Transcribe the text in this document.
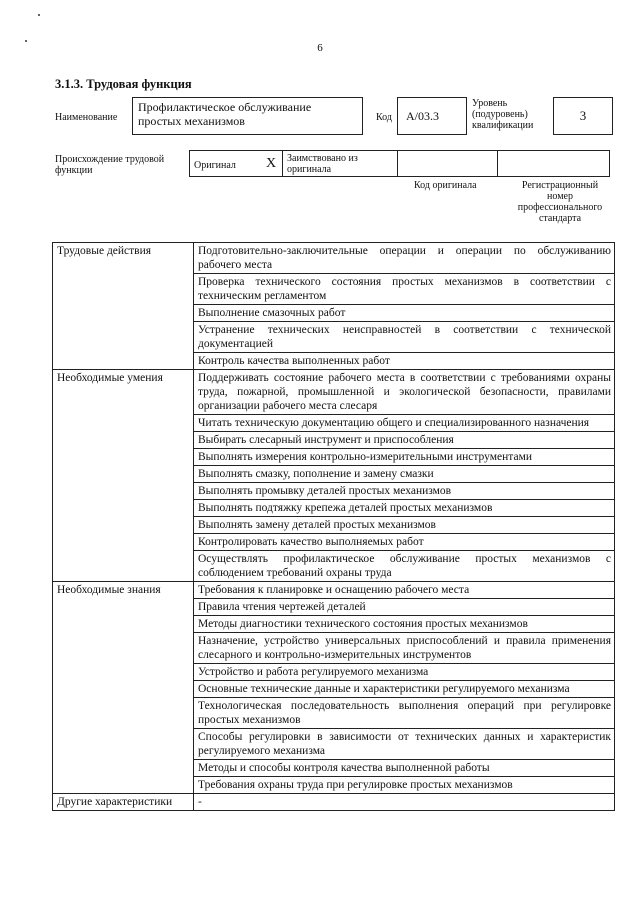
6
3.1.3. Трудовая функция
Наименование
Профилактическое обслуживание простых механизмов	Код	А/03.3
Уровень (подуровень) квалификации
3
Происхождение трудовой функции	Оригинал	X	Заимствовано из оригинала

Код оригинала	Регистрационный номер профессионального стандарта
Трудовые действия	Подготовительно-заключительные операции и операции по обслуживанию рабочего места
	Проверка технического состояния простых механизмов в соответствии с техническим регламентом
	Выполнение смазочных работ
	Устранение технических неисправностей в соответствии с технической документацией
	Контроль качества выполненных работ
Необходимые умения	Поддерживать состояние рабочего места в соответствии с требованиями охраны труда, пожарной, промышленной и экологической безопасности, правилами организации рабочего места слесаря
	Читать техническую документацию общего и специализированного назначения
	Выбирать слесарный инструмент и приспособления
	Выполнять измерения контрольно-измерительными инструментами
	Выполнять смазку, пополнение и замену смазки
	Выполнять промывку деталей простых механизмов
	Выполнять подтяжку крепежа деталей простых механизмов
	Выполнять замену деталей простых механизмов
	Контролировать качество выполняемых работ
	Осуществлять профилактическое обслуживание простых механизмов с соблюдением требований охраны труда
Необходимые знания	Требования к планировке и оснащению рабочего места
	Правила чтения чертежей деталей
	Методы диагностики технического состояния простых механизмов
	Назначение, устройство универсальных приспособлений и правила применения слесарного и контрольно-измерительных инструментов
	Устройство и работа регулируемого механизма
	Основные технические данные и характеристики регулируемого механизма
	Технологическая последовательность выполнения операций при регулировке простых механизмов
	Способы регулировки в зависимости от технических данных и характеристик регулируемого механизма
	Методы и способы контроля качества выполненной работы
	Требования охраны труда при регулировке простых механизмов
Другие характеристики	-
